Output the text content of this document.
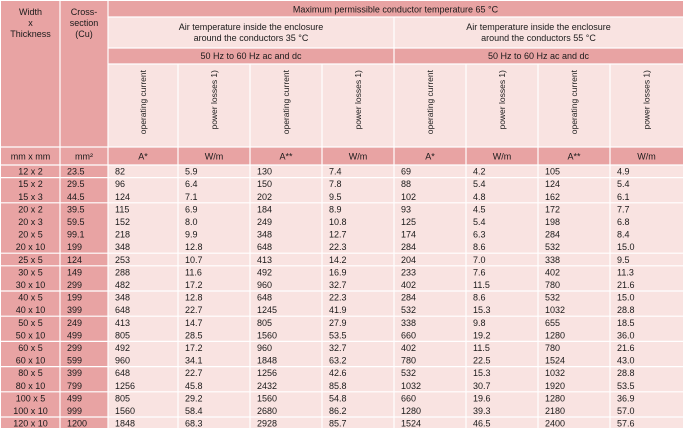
Width
x
Thickness
Cross-
section
(Cu)
Maximum permissible conductor temperature 65 °C
Air temperature inside the enclosure
around the conductors 35 °C
Air temperature inside the enclosure
around the conductors 55 °C
50 Hz to 60 Hz ac and dc	50 Hz to 60 Hz ac and dc
operating current	power losses 1)	operating current	power losses 1)	operating current	power losses 1)	operating current	power losses 1)
mm x mm	mm²	A*	W/m	A**	W/m	A*	W/m	A**	W/m
12 x 2	23.5	82	5.9	130	7.4	69	4.2	105	4.9
15 x 2	29.5	96	6.4	150	7.8	88	5.4	124	5.4
15 x 3	44.5	124	7.1	202	9.5	102	4.8	162	6.1
20 x 2	39.5	115	6.9	184	8.9	93	4.5	172	7.7
20 x 3	59.5	152	8.0	249	10.8	125	5.4	198	6.8
20 x 5	99.1	218	9.9	348	12.7	174	6.3	284	8.4
20 x 10 199	348	12.8	648	22.3	284	8.6	532	15.0
25 x 5	124	253	10.7	413	14.2	204	7.0	338	9.5
30 x 5	149	288	11.6	492	16.9	233	7.6	402	11.3
30 x 10 299	482	17.2	960	32.7	402	11.5	780	21.6
40 x 5	199	348	12.8	648	22.3	284	8.6	532	15.0
40 x 10 399	648	22.7	1245	41.9	532	15.3	1032	28.8
50 x 5	249	413	14.7	805	27.9	338	9.8	655	18.5
50 x 10 499	805	28.5	1560	53.5	660	19.2	1280	36.0
60 x 5	299	492	17.2	960	32.7	402	11.5	780	21.6
60 x 10 599	960	34.1	1848	63.2	780	22.5	1524	43.0
80 x 5	399	648	22.7	1256	42.6	532	15.3	1032	28.8
80 x 10 799	1256	45.8	2432	85.8	1032	30.7	1920	53.5
100 x 5 499	805	29.2	1560	54.8	660	19.6	1280	36.9
100 x 10 999	1560	58.4	2680	86.2	1280	39.3	2180	57.0
120 x 10 1200	1848	68.3	2928	85.7	1524	46.5	2400	57.6
